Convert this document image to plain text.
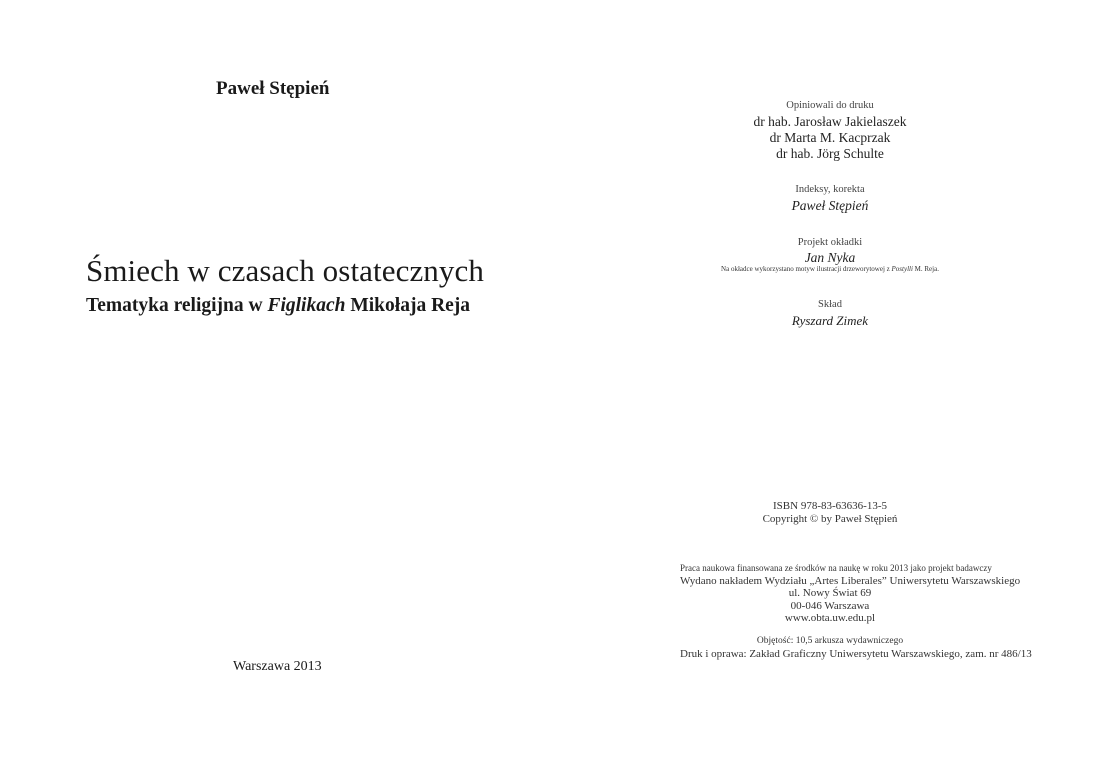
Paweł Stępień
Śmiech w czasach ostatecznych
Tematyka religijna w Figlikach Mikołaja Reja
Warszawa 2013
Opiniowali do druku
dr hab. Jarosław Jakielaszek
dr Marta M. Kacprzak
dr hab. Jörg Schulte
Indeksy, korekta
Paweł Stępień
Projekt okładki
Jan Nyka
Na okładce wykorzystano motyw ilustracji drzeworytowej z Postylli M. Reja.
Skład
Ryszard Zimek
ISBN 978-83-63636-13-5
Copyright © by Paweł Stępień
Praca naukowa finansowana ze środków na naukę w roku 2013 jako projekt badawczy
Wydano nakładem Wydziału „Artes Liberales” Uniwersytetu Warszawskiego
ul. Nowy Świat 69
00-046 Warszawa
www.obta.uw.edu.pl
Objętość: 10,5 arkusza wydawniczego
Druk i oprawa: Zakład Graficzny Uniwersytetu Warszawskiego, zam. nr 486/13
